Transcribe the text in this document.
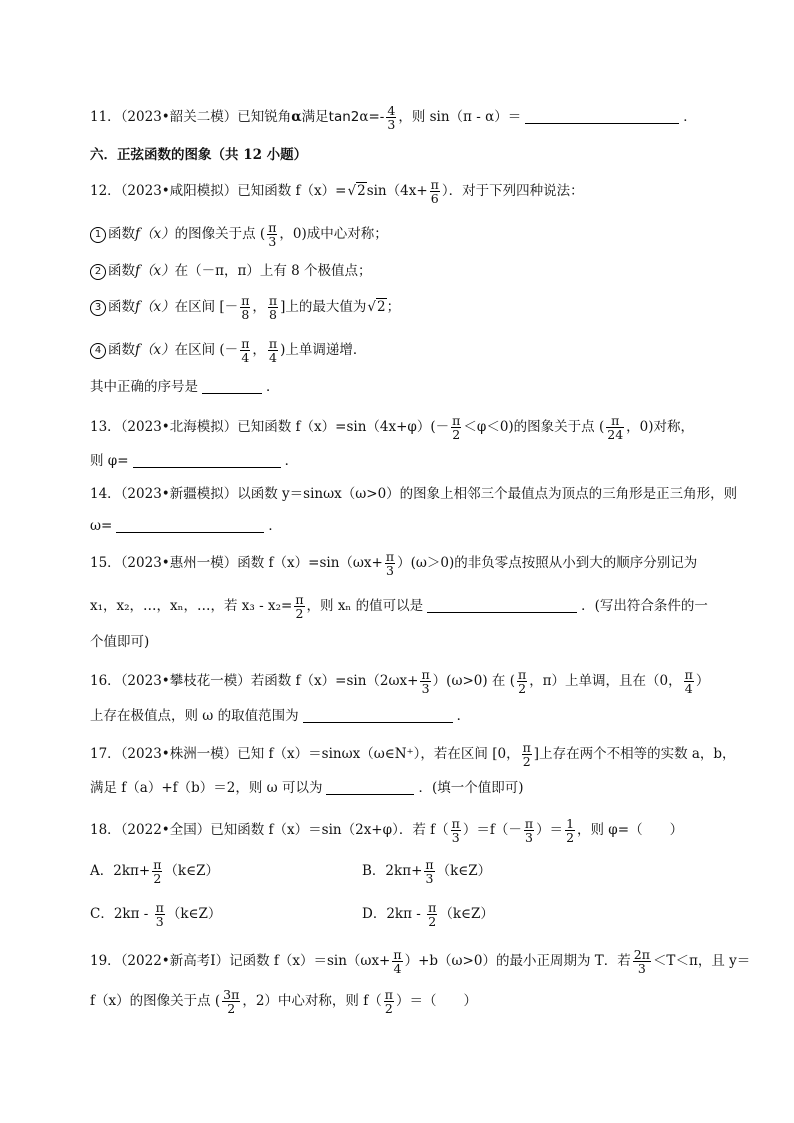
11．（2023•韶关二模）已知锐角α满足$\tan 2\alpha=- \frac{4}{3}$ ，则 sin（π - α）＝	．
六．正弦函数的图象（共 12 小题）
12．（2023•咸阳模拟）已知函数 f（x）= √ $2\sin(4x+ \frac{\pi}{6}$ ）．对于下列四种说法：
1 函数f（x）的图像关于点 ( $\frac{\pi}{3}$ ，0)成中心对称；
2 函数f（x）在（－π，π）上有 8 个极值点；
3 函数f（x）在区间 [－ $\frac{\pi}{8}$ ， $\frac{\pi}{8}$ ]上的最大值为 √ 2；
4 函数f（x）在区间 (－ $\frac{\pi}{4}$ ， $\frac{\pi}{4}$ )上单调递增．
其中正确的序号是	．
13．（2023•北海模拟）已知函数 $f(x)=\sin(4x+\varphi)(- \frac{\pi}{2} <\varphi<0)$的图象关于点 ( $\frac{\pi}{24}$ ，0)对称，
则 φ=	．
14．（2023•新疆模拟）以函数 y＝sinωx（ω>0）的图象上相邻三个最值点为顶点的三角形是正三角形，则
ω=	．
15．（2023•惠州一模）函数 $f(x)=\sin(\omega x+ \frac{\pi}{3} )(\omega>0)$的非负零点按照从小到大的顺序分别记为
x₁，x₂，…，xₙ，…，若 $x_3 - x_2= \frac{\pi}{2}$ ，则 xₙ 的值可以是	．(写出符合条件的一
个值即可)
16．（2023•攀枝花一模）若函数 $f(x)=\sin(2\omega x+ \frac{\pi}{3} )(\omega>0)$ 在 ( $\frac{\pi}{2}$ ，π）上单调，且在（0， $\frac{\pi}{4}$ ）
上存在极值点，则 ω 的取值范围为	．
17．（2023•株洲一模）已知 f（x）＝sinωx（ω∈N⁺），若在区间 [0， $\frac{\pi}{2}$ ]上存在两个不相等的实数 a，b，
满足 f（a）+f（b）＝2，则 ω 可以为	．(填一个值即可)
18．（2022•全国）已知函数 f（x）＝sin（2x+φ）．若 $f( \frac{\pi}{3} )=f(- \frac{\pi}{3}$ ）＝ $\frac{1}{2}$ ，则 φ=（　　）
A．$2k\pi+ \frac{\pi}{2}$ （k∈Z）	B．$2k\pi+ \frac{\pi}{3}$ （k∈Z）
C．$2k\pi - \frac{\pi}{3}$ （k∈Z）	D．$2k\pi - \frac{\pi}{2}$ （k∈Z）
19．（2022•新高考Ⅰ）记函数 $f(x)=\sin(\omega x+ \frac{\pi}{4} )+b(\omega>0)$的最小正周期为 T．若 $\frac{2\pi}{3} <T<\pi$，且 y＝
f（x）的图像关于点 ( $\frac{3\pi}{2}$ ，2）中心对称，则 $f( \frac{\pi}{2}$ ）＝（　　）
